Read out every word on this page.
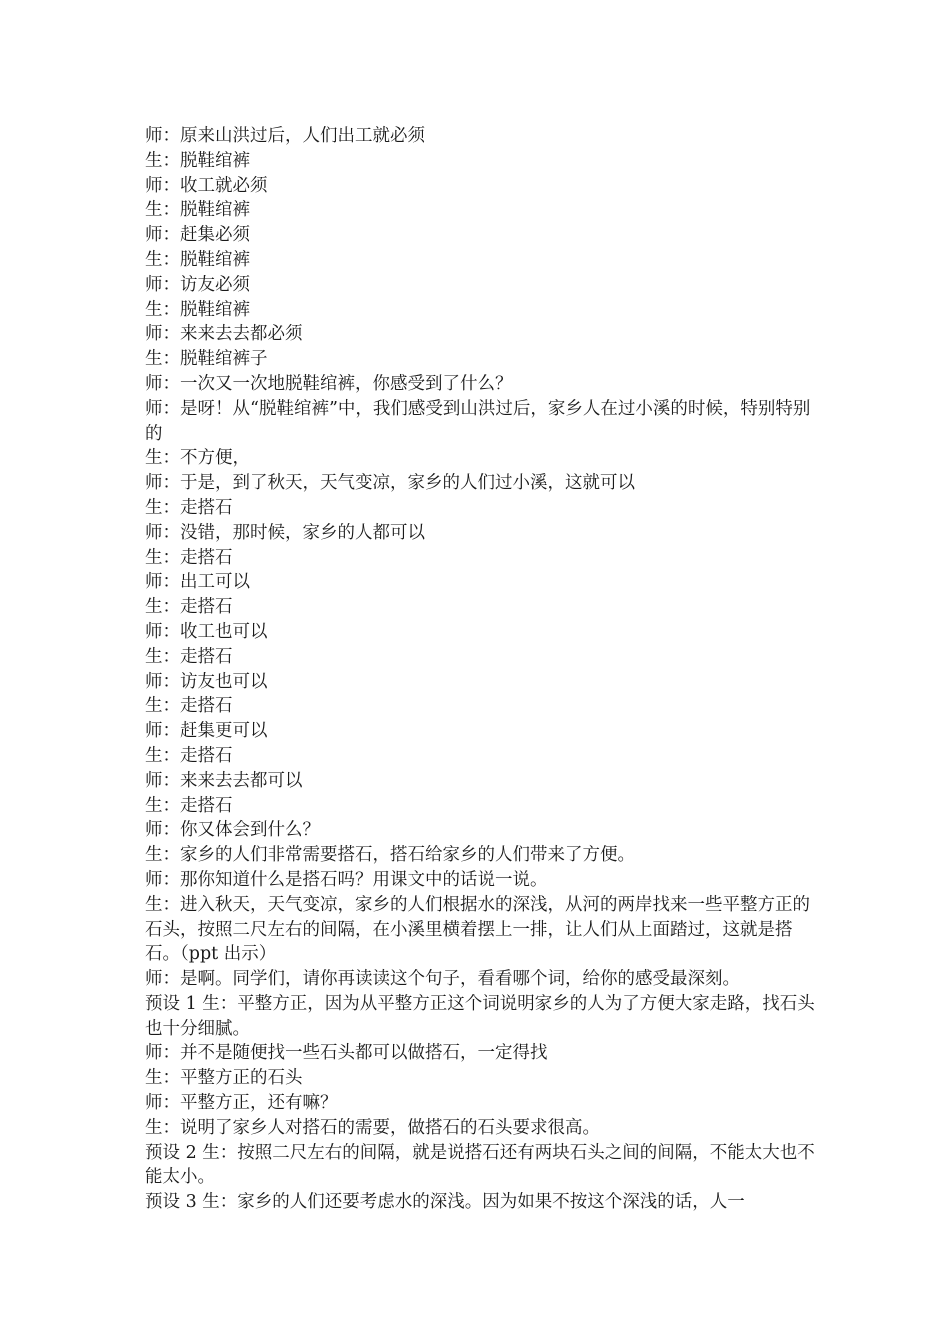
师：原来山洪过后，人们出工就必须

生：脱鞋绾裤

师：收工就必须

生：脱鞋绾裤

师：赶集必须

生：脱鞋绾裤

师：访友必须

生：脱鞋绾裤

师：来来去去都必须

生：脱鞋绾裤子

师：一次又一次地脱鞋绾裤，你感受到了什么？

师：是呀！从“脱鞋绾裤”中，我们感受到山洪过后，家乡人在过小溪的时候，特别特别的

生：不方便，

师：于是，到了秋天，天气变凉，家乡的人们过小溪，这就可以

生：走搭石

师：没错，那时候，家乡的人都可以

生：走搭石

师：出工可以

生：走搭石

师：收工也可以

生：走搭石

师：访友也可以

生：走搭石

师：赶集更可以

生：走搭石

师：来来去去都可以

生：走搭石

师：你又体会到什么？

生：家乡的人们非常需要搭石，搭石给家乡的人们带来了方便。

师：那你知道什么是搭石吗？用课文中的话说一说。

生：进入秋天，天气变凉，家乡的人们根据水的深浅，从河的两岸找来一些平整方正的石头，按照二尺左右的间隔，在小溪里横着摆上一排，让人们从上面踏过，这就是搭石。（ppt 出示）

师：是啊。同学们，请你再读读这个句子，看看哪个词，给你的感受最深刻。

预设 1 生：平整方正，因为从平整方正这个词说明家乡的人为了方便大家走路，找石头也十分细腻。

师：并不是随便找一些石头都可以做搭石，一定得找

生：平整方正的石头

师：平整方正，还有嘛？

生：说明了家乡人对搭石的需要，做搭石的石头要求很高。

预设 2 生：按照二尺左右的间隔，就是说搭石还有两块石头之间的间隔，不能太大也不能太小。

预设 3 生：家乡的人们还要考虑水的深浅。因为如果不按这个深浅的话，人一
